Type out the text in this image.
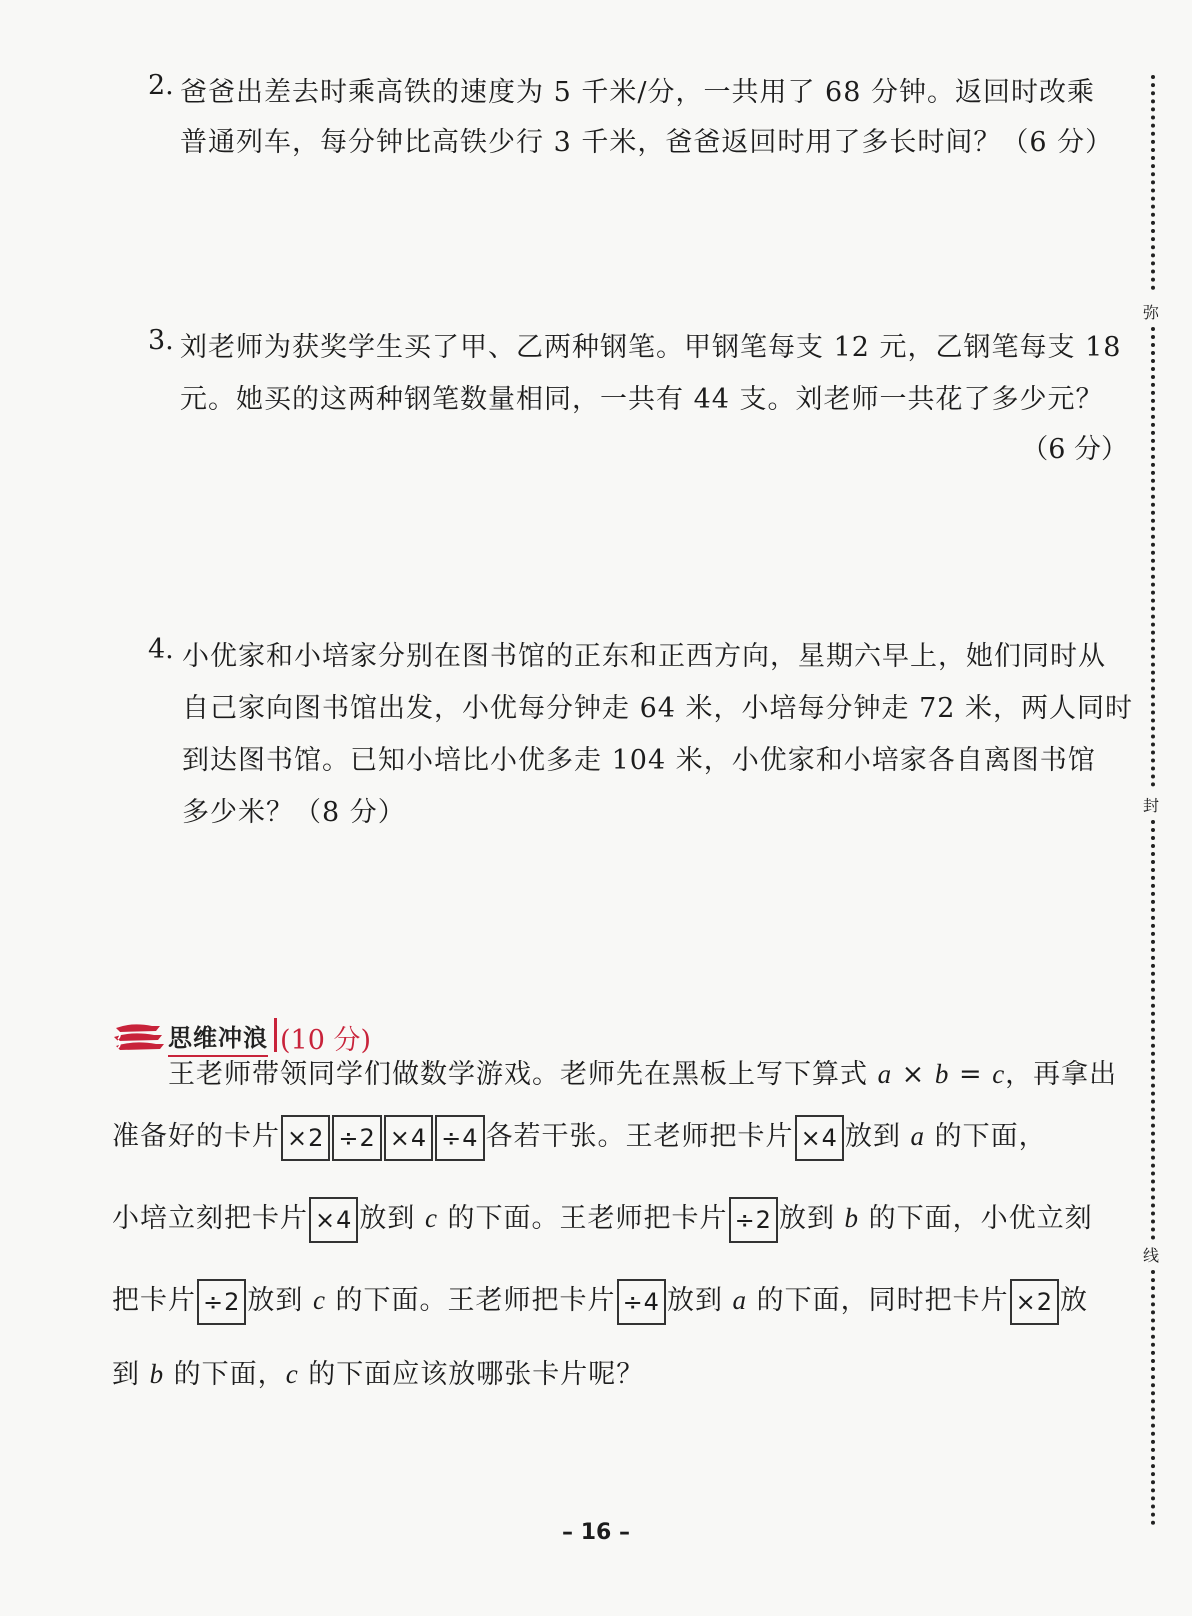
2. 爸爸出差去时乘高铁的速度为 5 千米/分，一共用了 68 分钟。返回时改乘
普通列车，每分钟比高铁少行 3 千米，爸爸返回时用了多长时间？（6 分）
3. 刘老师为获奖学生买了甲、乙两种钢笔。甲钢笔每支 12 元，乙钢笔每支 18
元。她买的这两种钢笔数量相同，一共有 44 支。刘老师一共花了多少元？
（6 分）
4. 小优家和小培家分别在图书馆的正东和正西方向，星期六早上，她们同时从
自己家向图书馆出发，小优每分钟走 64 米，小培每分钟走 72 米，两人同时
到达图书馆。已知小培比小优多走 104 米，小优家和小培家各自离图书馆
多少米？（8 分）
思维冲浪 (10 分)
王老师带领同学们做数学游戏。老师先在黑板上写下算式 a × b = c，再拿出
准备好的卡片 ×2 ÷2 ×4 ÷4 各若干张。王老师把卡片 ×4 放到 a 的下面，
小培立刻把卡片 ×4 放到 c 的下面。王老师把卡片 ÷2 放到 b 的下面，小优立刻
把卡片 ÷2 放到 c 的下面。王老师把卡片 ÷4 放到 a 的下面，同时把卡片 ×2 放
到 b 的下面，c 的下面应该放哪张卡片呢？
弥
封
线
– 16 –
